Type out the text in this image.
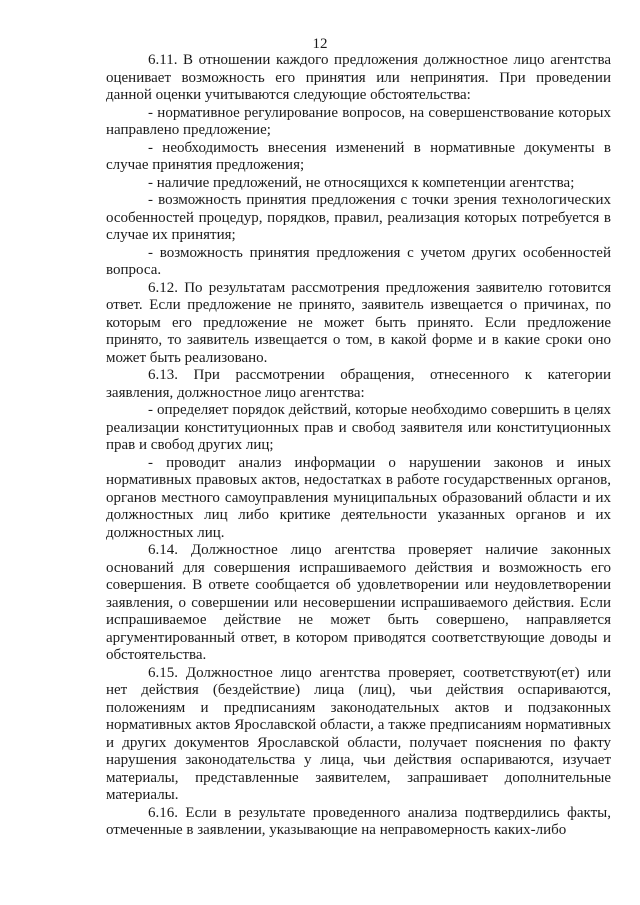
12

6.11. В отношении каждого предложения должностное лицо агентства оценивает возможность его принятия или непринятия. При проведении данной оценки учитываются следующие обстоятельства:

- нормативное регулирование вопросов, на совершенствование которых направлено предложение;

- необходимость внесения изменений в нормативные документы в случае принятия предложения;

- наличие предложений, не относящихся к компетенции агентства;

- возможность принятия предложения с точки зрения технологических особенностей процедур, порядков, правил, реализация которых потребуется в случае их принятия;

- возможность принятия предложения с учетом других особенностей вопроса.

6.12. По результатам рассмотрения предложения заявителю готовится ответ. Если предложение не принято, заявитель извещается о причинах, по которым его предложение не может быть принято. Если предложение принято, то заявитель извещается о том, в какой форме и в какие сроки оно может быть реализовано.

6.13. При рассмотрении обращения, отнесенного к категории заявления, должностное лицо агентства:

- определяет порядок действий, которые необходимо совершить в целях реализации конституционных прав и свобод заявителя или конституционных прав и свобод других лиц;

- проводит анализ информации о нарушении законов и иных нормативных правовых актов, недостатках в работе государственных органов, органов местного самоуправления муниципальных образований области и их должностных лиц либо критике деятельности указанных органов и их должностных лиц.

6.14. Должностное лицо агентства проверяет наличие законных оснований для совершения испрашиваемого действия и возможность его совершения. В ответе сообщается об удовлетворении или неудовлетворении заявления, о совершении или несовершении испрашиваемого действия. Если испрашиваемое действие не может быть совершено, направляется аргументированный ответ, в котором приводятся соответствующие доводы и обстоятельства.

6.15. Должностное лицо агентства проверяет, соответствуют(ет) или нет действия (бездействие) лица (лиц), чьи действия оспариваются, положениям и предписаниям законодательных актов и подзаконных нормативных актов Ярославской области, а также предписаниям нормативных и других документов Ярославской области, получает пояснения по факту нарушения законодательства у лица, чьи действия оспариваются, изучает материалы, представленные заявителем, запрашивает дополнительные материалы.

6.16. Если в результате проведенного анализа подтвердились факты, отмеченные в заявлении, указывающие на неправомерность каких-либо
